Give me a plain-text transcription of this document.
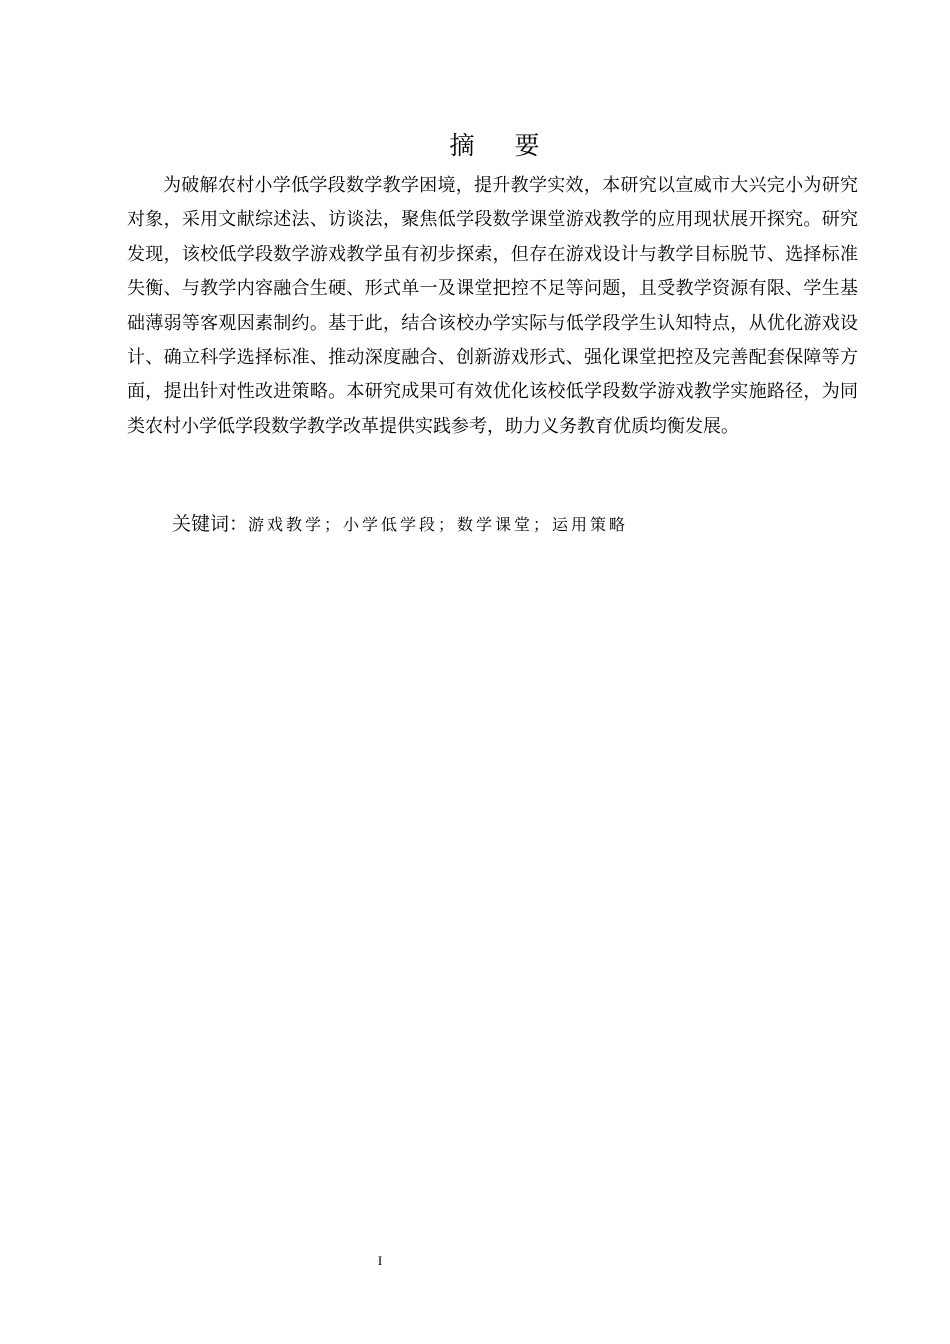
摘 要

为破解农村小学低学段数学教学困境，提升教学实效，本研究以宣威市大兴完小为研究对象，采用文献综述法、访谈法，聚焦低学段数学课堂游戏教学的应用现状展开探究。研究发现，该校低学段数学游戏教学虽有初步探索，但存在游戏设计与教学目标脱节、选择标准失衡、与教学内容融合生硬、形式单一及课堂把控不足等问题，且受教学资源有限、学生基础薄弱等客观因素制约。基于此，结合该校办学实际与低学段学生认知特点，从优化游戏设计、确立科学选择标准、推动深度融合、创新游戏形式、强化课堂把控及完善配套保障等方面，提出针对性改进策略。本研究成果可有效优化该校低学段数学游戏教学实施路径，为同类农村小学低学段数学教学改革提供实践参考，助力义务教育优质均衡发展。

关键词：游戏教学；小学低学段；数学课堂；运用策略

I
